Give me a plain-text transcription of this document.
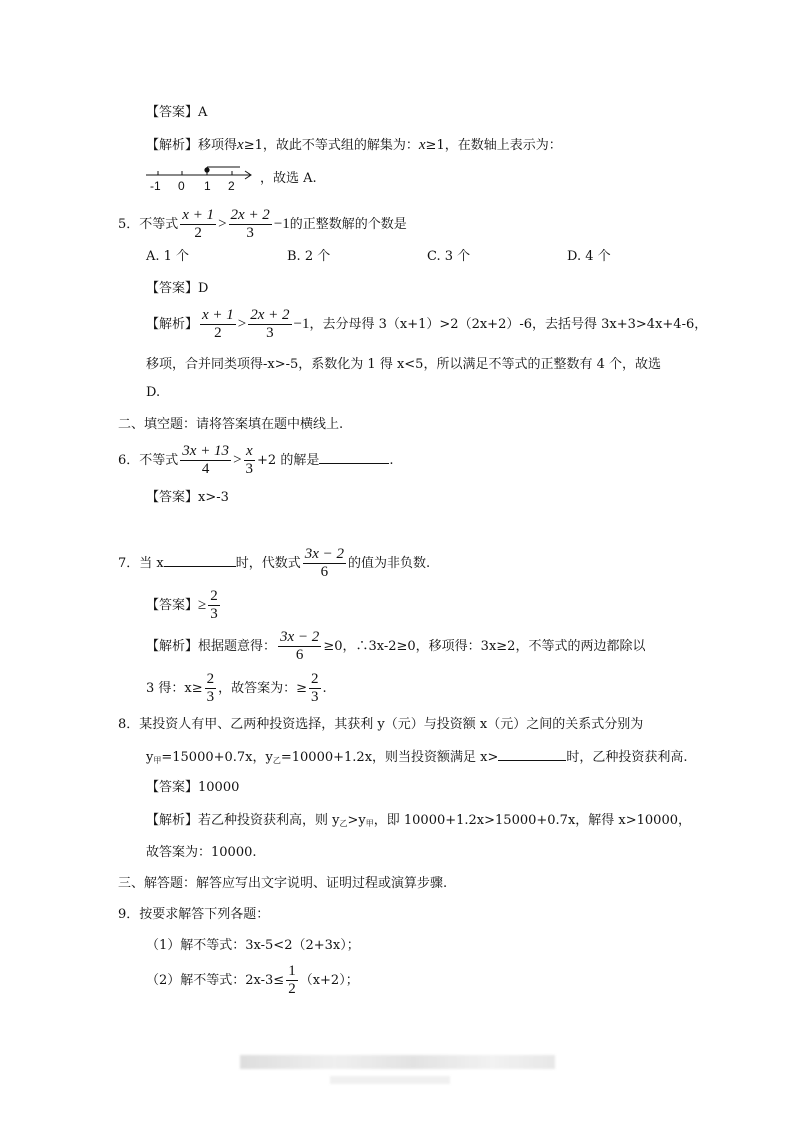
【答案】A
【解析】移项得x≥1，故此不等式组的解集为：x≥1，在数轴上表示为：
-1 0 1 2 ，故选 A.
5．不等式 $\frac{x + 1}{2} > \frac{2x + 2}{3} -1$的正整数解的个数是
A. 1 个	B. 2 个	C. 3 个	D. 4 个
【答案】D
【解析】 $\frac{x + 1}{2} > \frac{2x + 2}{3} -1$，去分母得 3（x+1）>2（2x+2）-6，去括号得 3x+3>4x+4-6，
移项，合并同类项得-x>-5，系数化为 1 得 x<5，所以满足不等式的正整数有 4 个，故选
D.
二、填空题：请将答案填在题中横线上.
6．不等式 $\frac{3x + 13}{4} > \frac{x}{3} +2$ 的解是	.
【答案】x>-3
7．当 x	时，代数式 $\frac{3x - 2}{6}$ 的值为非负数.
【答案】≥ $\frac{2}{3}$
【解析】根据题意得： $\frac{3x - 2}{6} \ge 0$，∴3x-2≥0，移项得：3x≥2，不等式的两边都除以
3 得：$x\ge \frac{2}{3}$ ，故答案为：≥ $\frac{2}{3}$ .
8．某投资人有甲、乙两种投资选择，其获利 y（元）与投资额 x（元）之间的关系式分别为
$y_甲=15000+0.7x$，$y_乙=10000+1.2x$，则当投资额满足 x>	时，乙种投资获利高.
【答案】10000
【解析】若乙种投资获利高，则 $y_乙>y_甲$，即 10000+1.2x>15000+0.7x，解得 x>10000，
故答案为：10000.
三、解答题：解答应写出文字说明、证明过程或演算步骤.
9．按要求解答下列各题：
（1）解不等式：3x-5<2（2+3x）；
（2）解不等式：$2x-3\le \frac{1}{2} (x+2)$；
